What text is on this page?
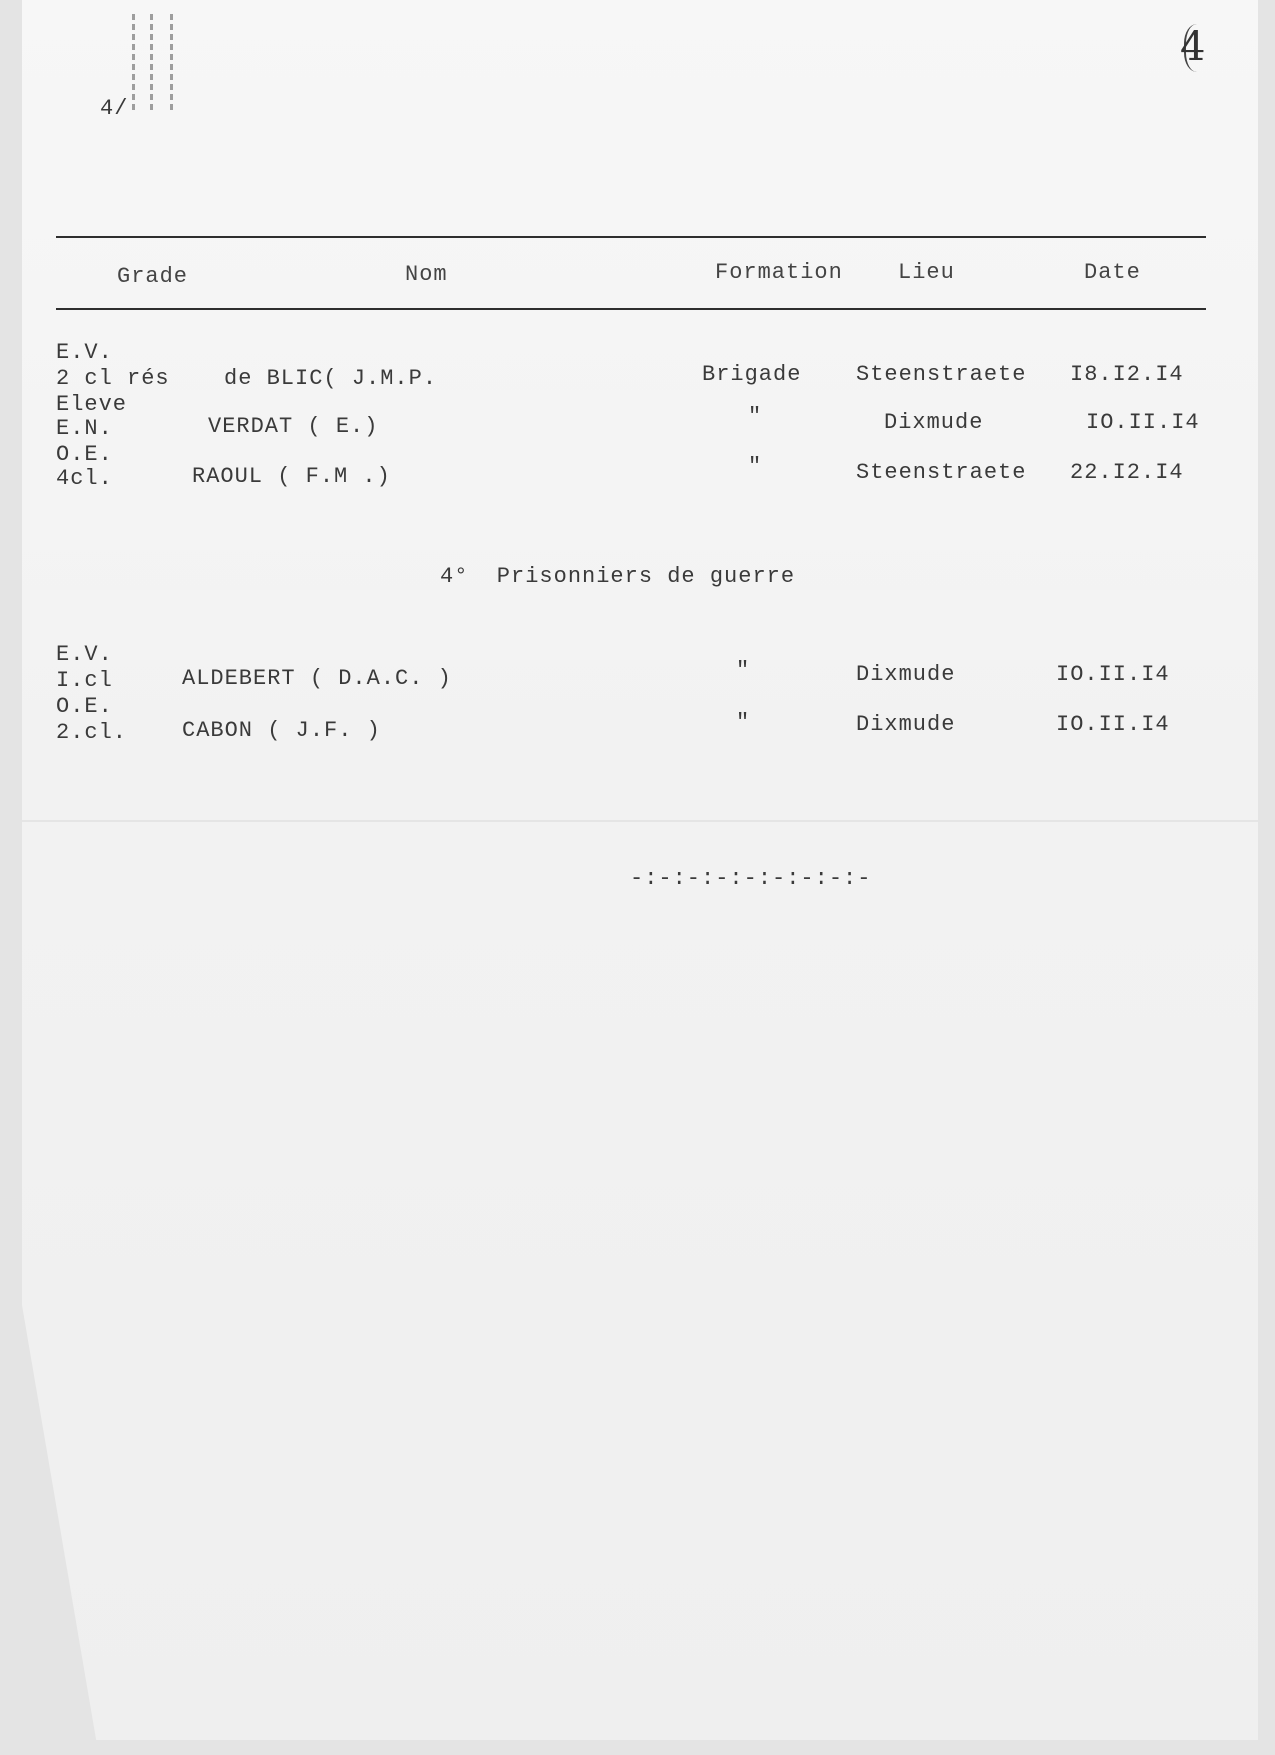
4
4/
Grade	Nom	Formation	Lieu	Date
E.V.
2 cl rés de BLIC( J.M.P.	Brigade Steenstraete I8.I2.I4
Eleve
E.N.	VERDAT ( E.)	"	Dixmude	IO.II.I4
O.E.
4cl.	RAOUL ( F.M .)	"	Steenstraete 22.I2.I4
4°  Prisonniers de guerre
E.V.
I.cl	ALDEBERT ( D.A.C. )	"	Dixmude	IO.II.I4
O.E.
2.cl. CABON ( J.F. )	"	Dixmude	IO.II.I4
-:-:-:-:-:-:-:-:-
